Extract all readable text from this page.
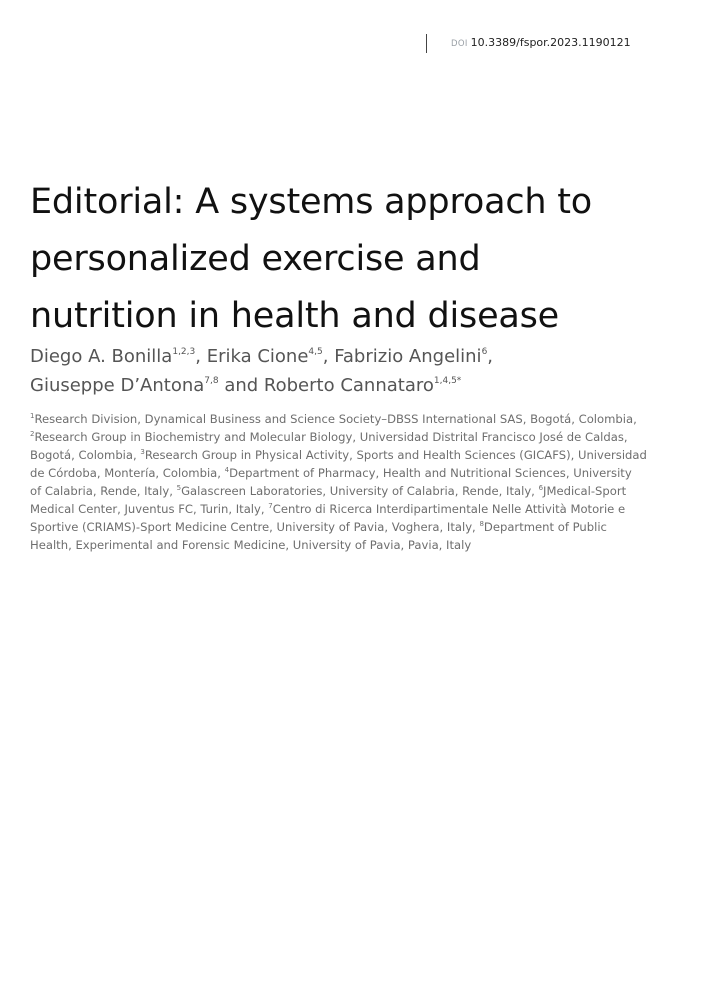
DOI 10.3389/fspor.2023.1190121
Editorial: A systems approach to
personalized exercise and
nutrition in health and disease
Diego A. Bonilla$^{1,2,3}$, Erika Cione$^{4,5}$, Fabrizio Angelini$^6$,
Giuseppe D’Antona$^{7,8}$ and Roberto Cannataro$^{1,4,5*}$
$^1$Research Division, Dynamical Business and Science Society–DBSS International SAS, Bogotá, Colombia,
$^2$Research Group in Biochemistry and Molecular Biology, Universidad Distrital Francisco José de Caldas,
Bogotá, Colombia, $^3$Research Group in Physical Activity, Sports and Health Sciences (GICAFS), Universidad
de Córdoba, Montería, Colombia, $^4$Department of Pharmacy, Health and Nutritional Sciences, University
of Calabria, Rende, Italy, $^5$Galascreen Laboratories, University of Calabria, Rende, Italy, $^6$JMedical-Sport
Medical Center, Juventus FC, Turin, Italy, $^7$Centro di Ricerca Interdipartimentale Nelle Attività Motorie e
Sportive (CRIAMS)-Sport Medicine Centre, University of Pavia, Voghera, Italy, $^8$Department of Public
Health, Experimental and Forensic Medicine, University of Pavia, Pavia, Italy
